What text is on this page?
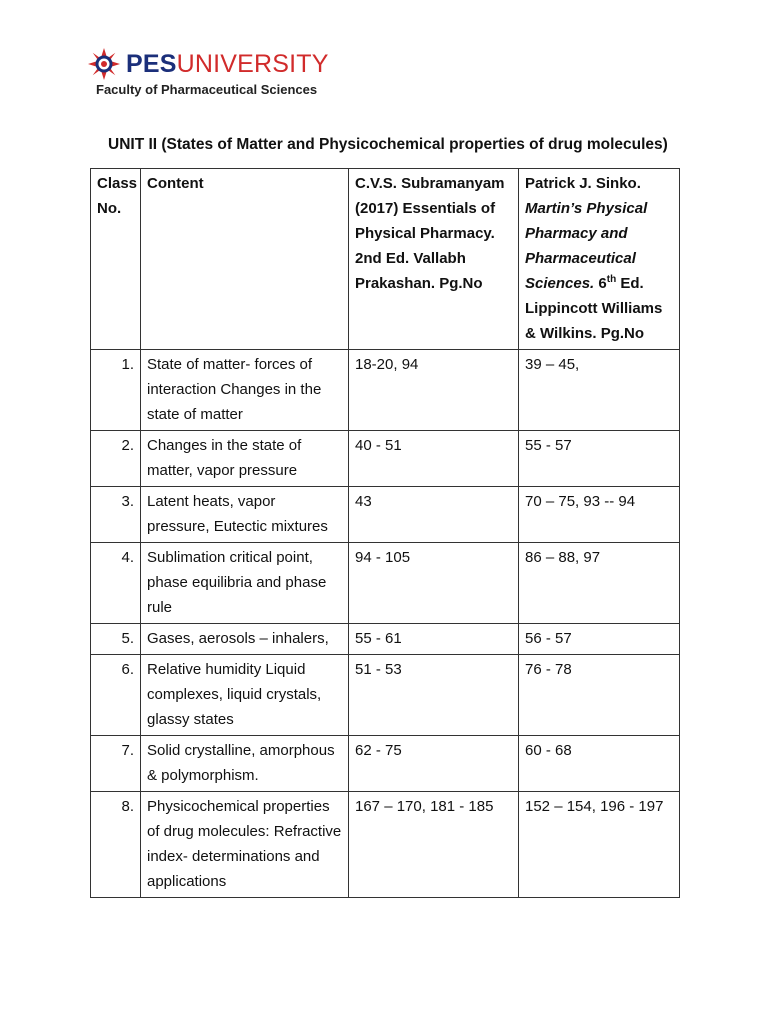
PESUNIVERSITY
Faculty of Pharmaceutical Sciences
UNIT II (States of Matter and Physicochemical properties of drug molecules)
Class No.	Content	C.V.S. Subramanyam (2017) Essentials of Physical Pharmacy. 2nd Ed. Vallabh Prakashan. Pg.No	Patrick J. Sinko. Martin’s Physical Pharmacy and Pharmaceutical Sciences. 6th Ed. Lippincott Williams & Wilkins. Pg.No
1.	State of matter- forces of interaction Changes in the state of matter	18-20, 94	39 – 45,
2.	Changes in the state of matter, vapor pressure	40 - 51	55 - 57
3.	Latent heats, vapor pressure, Eutectic mixtures	43	70 – 75, 93 -- 94
4.	Sublimation critical point, phase equilibria and phase rule	94 - 105	86 – 88, 97
5.	Gases, aerosols – inhalers,	55 - 61	56 - 57
6.	Relative humidity Liquid complexes, liquid crystals, glassy states	51 - 53	76 - 78
7.	Solid crystalline, amorphous & polymorphism.	62 - 75	60 - 68
8.	Physicochemical properties of drug molecules: Refractive index- determinations and applications	167 – 170, 181 - 185	152 – 154, 196 - 197
